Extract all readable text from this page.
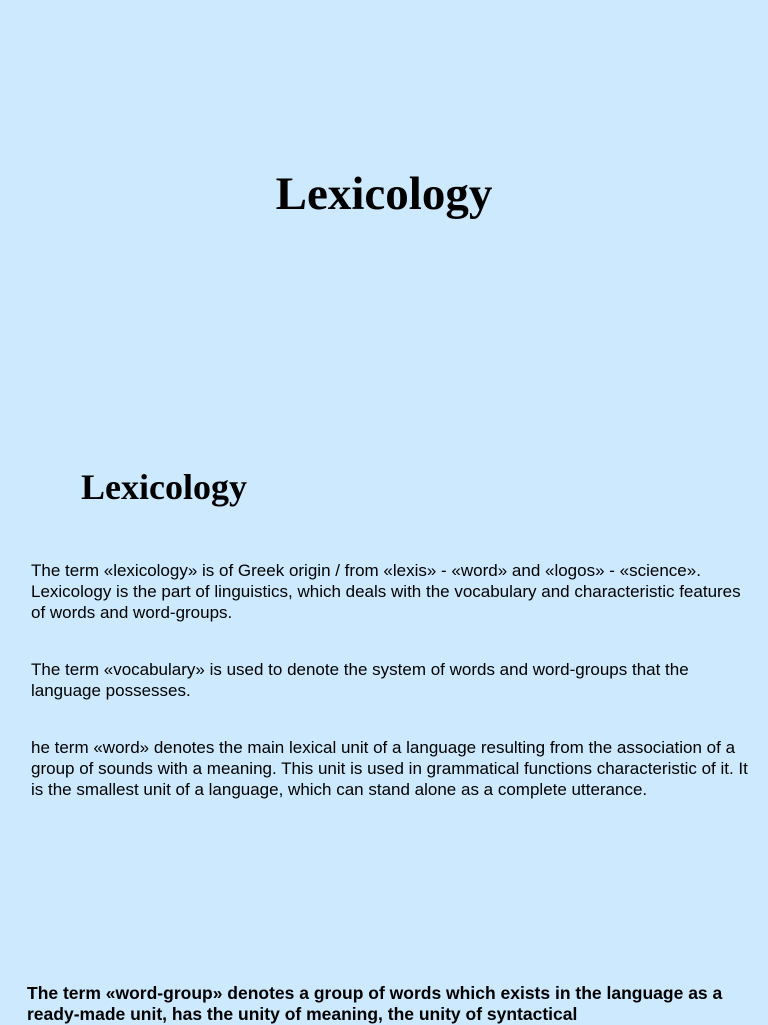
Lexicology
Lexicology

The term «lexicology» is of Greek origin / from «lexis» - «word» and «logos» - «science». Lexicology is the part of linguistics, which deals with the vocabulary and characteristic features of words and word-groups.

The term «vocabulary» is used to denote the system of words and word-groups that the language possesses.

he term «word» denotes the main lexical unit of a language resulting from the association of a group of sounds with a meaning. This unit is used in grammatical functions characteristic of it. It is the smallest unit of a language, which can stand alone as a complete utterance.

The term «word-group» denotes a group of words which exists in the language as a ready-made unit, has the unity of meaning, the unity of syntactical
